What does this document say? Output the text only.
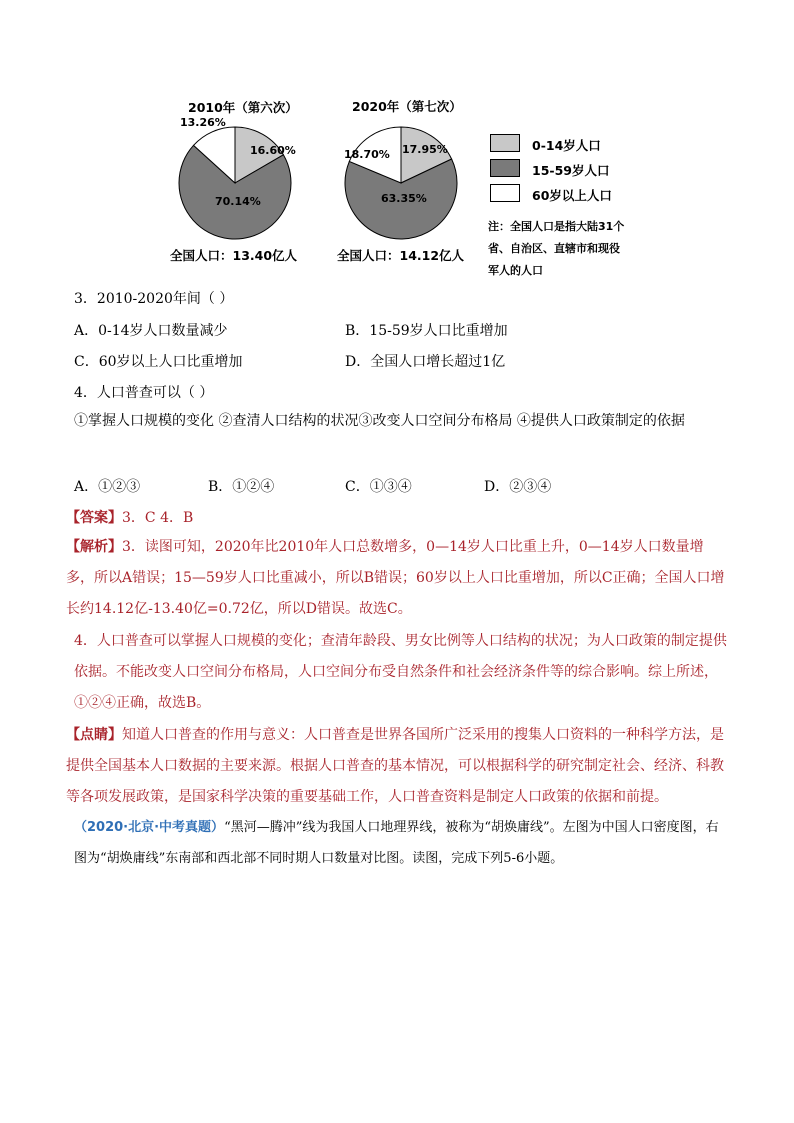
2010年（第六次）
16.60%
70.14%
13.26%
全国人口：13.40亿人
2020年（第七次）
17.95%
63.35%
18.70%
全国人口：14.12亿人
0-14岁人口
15-59岁人口
60岁以上人口
注：全国人口是指大陆31个省、自治区、直辖市和现役军人的人口
3．2010-2020年间（ ）
A．0-14岁人口数量减少	B．15-59岁人口比重增加
C．60岁以上人口比重增加	D．全国人口增长超过1亿
4．人口普查可以（ ）
①掌握人口规模的变化 ②查清人口结构的状况③改变人口空间分布格局 ④提供人口政策制定的依据
A．①②③	B．①②④	C．①③④	D．②③④
【答案】3．C 4．B
【解析】3．读图可知，2020年比2010年人口总数增多，0—14岁人口比重上升，0—14岁人口数量增多，所以A错误；15—59岁人口比重减小，所以B错误；60岁以上人口比重增加，所以C正确；全国人口增长约14.12亿-13.40亿=0.72亿，所以D错误。故选C。
4．人口普查可以掌握人口规模的变化；查清年龄段、男女比例等人口结构的状况；为人口政策的制定提供依据。不能改变人口空间分布格局，人口空间分布受自然条件和社会经济条件等的综合影响。综上所述，①②④正确，故选B。
【点睛】知道人口普查的作用与意义：人口普查是世界各国所广泛采用的搜集人口资料的一种科学方法，是提供全国基本人口数据的主要来源。根据人口普查的基本情况，可以根据科学的研究制定社会、经济、科教等各项发展政策，是国家科学决策的重要基础工作，人口普查资料是制定人口政策的依据和前提。
（2020·北京·中考真题）“黑河—腾冲”线为我国人口地理界线，被称为“胡焕庸线”。左图为中国人口密度图，右图为“胡焕庸线”东南部和西北部不同时期人口数量对比图。读图，完成下列5-6小题。
